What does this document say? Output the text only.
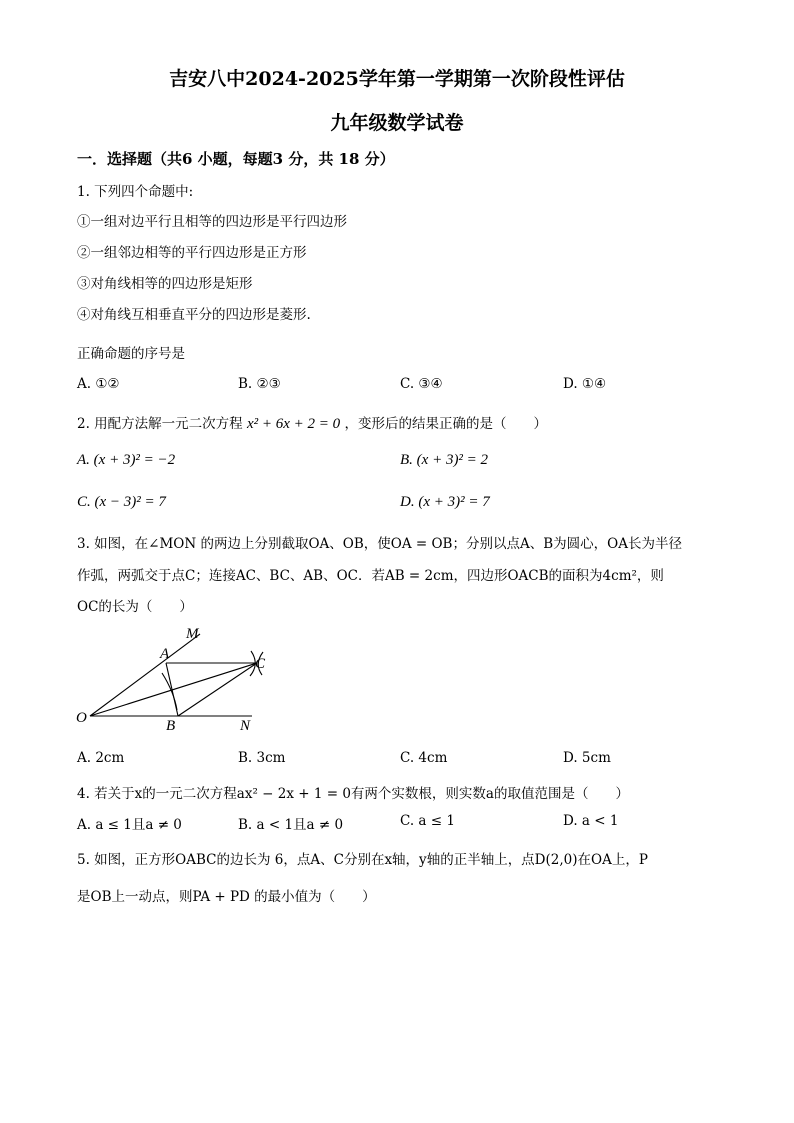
吉安八中2024-2025学年第一学期第一次阶段性评估
九年级数学试卷
一．选择题（共6 小题，每题3 分，共 18 分）
1. 下列四个命题中:
①一组对边平行且相等的四边形是平行四边形
②一组邻边相等的平行四边形是正方形
③对角线相等的四边形是矩形
④对角线互相垂直平分的四边形是菱形.
正确命题的序号是
A. ①②	B. ②③	C. ③④	D. ①④
2. 用配方法解一元二次方程 x² + 6x + 2 = 0 ，变形后的结果正确的是（　　）
A. (x + 3)² = −2	B. (x + 3)² = 2
C. (x − 3)² = 7	D. (x + 3)² = 7
3. 如图，在∠MON 的两边上分别截取OA、OB，使OA = OB；分别以点A、B为圆心，OA长为半径
作弧，两弧交于点C；连接AC、BC、AB、OC．若AB = 2cm，四边形OACB的面积为4cm²，则
OC的长为（　　）
M
A
C
O	B	N
A. 2cm	B. 3cm	C. 4cm	D. 5cm
4. 若关于x的一元二次方程ax² − 2x + 1 = 0有两个实数根，则实数a的取值范围是（　　）
A. a ≤ 1且a ≠ 0	B. a < 1且a ≠ 0	C. a ≤ 1	D. a < 1
5. 如图，正方形OABC的边长为 6，点A、C分别在x轴，y轴的正半轴上，点D(2,0)在OA上，P
是OB上一动点，则PA + PD 的最小值为（　　）
